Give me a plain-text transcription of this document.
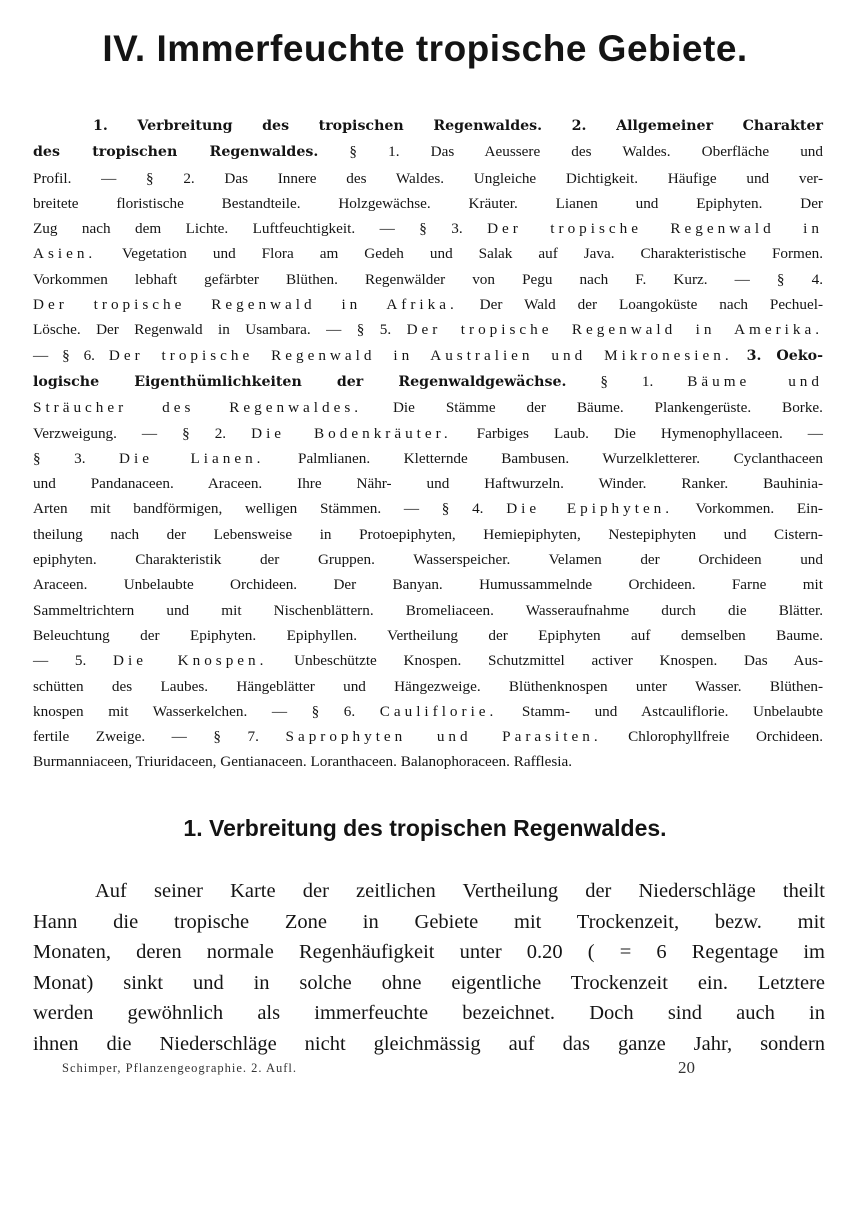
IV. Immerfeuchte tropische Gebiete.
1. Verbreitung des tropischen Regenwaldes. 2. Allgemeiner Charakter
des tropischen Regenwaldes. § 1. Das Aeussere des Waldes. Oberfläche und
Profil. — § 2. Das Innere des Waldes. Ungleiche Dichtigkeit. Häufige und ver-
breitete floristische Bestandteile. Holzgewächse. Kräuter. Lianen und Epiphyten. Der
Zug nach dem Lichte. Luftfeuchtigkeit. — § 3. Der tropische Regenwald in
Asien. Vegetation und Flora am Gedeh und Salak auf Java. Charakteristische Formen.
Vorkommen lebhaft gefärbter Blüthen. Regenwälder von Pegu nach F. Kurz. — § 4.
Der tropische Regenwald in Afrika. Der Wald der Loangoküste nach Pechuel-
Lösche. Der Regenwald in Usambara. — § 5. Der tropische Regenwald in Amerika.
— § 6. Der tropische Regenwald in Australien und Mikronesien. 3. Oeko-
logische Eigenthümlichkeiten der Regenwaldgewächse. § 1. Bäume und
Sträucher des Regenwaldes. Die Stämme der Bäume. Plankengerüste. Borke.
Verzweigung. — § 2. Die Bodenkräuter. Farbiges Laub. Die Hymenophyllaceen. —
§ 3. Die Lianen. Palmlianen. Kletternde Bambusen. Wurzelkletterer. Cyclanthaceen
und Pandanaceen. Araceen. Ihre Nähr- und Haftwurzeln. Winder. Ranker. Bauhinia-
Arten mit bandförmigen, welligen Stämmen. — § 4. Die Epiphyten. Vorkommen. Ein-
theilung nach der Lebensweise in Protoepiphyten, Hemiepiphyten, Nestepiphyten und Cistern-
epiphyten. Charakteristik der Gruppen. Wasserspeicher. Velamen der Orchideen und
Araceen. Unbelaubte Orchideen. Der Banyan. Humussammelnde Orchideen. Farne mit
Sammeltrichtern und mit Nischenblättern. Bromeliaceen. Wasseraufnahme durch die Blätter.
Beleuchtung der Epiphyten. Epiphyllen. Vertheilung der Epiphyten auf demselben Baume.
— 5. Die Knospen. Unbeschützte Knospen. Schutzmittel activer Knospen. Das Aus-
schütten des Laubes. Hängeblätter und Hängezweige. Blüthenknospen unter Wasser. Blüthen-
knospen mit Wasserkelchen. — § 6. Cauliflorie. Stamm- und Astcauliflorie. Unbelaubte
fertile Zweige. — § 7. Saprophyten und Parasiten. Chlorophyllfreie Orchideen.
Burmanniaceen, Triuridaceen, Gentianaceen. Loranthaceen. Balanophoraceen. Rafflesia.
1. Verbreitung des tropischen Regenwaldes.
Auf seiner Karte der zeitlichen Vertheilung der Niederschläge theilt
Hann die tropische Zone in Gebiete mit Trockenzeit, bezw. mit
Monaten, deren normale Regenhäufigkeit unter 0.20 ( = 6 Regentage im
Monat) sinkt und in solche ohne eigentliche Trockenzeit ein. Letztere
werden gewöhnlich als immerfeuchte bezeichnet. Doch sind auch in
ihnen die Niederschläge nicht gleichmässig auf das ganze Jahr, sondern
Schimper, Pflanzengeographie. 2. Aufl.	20
